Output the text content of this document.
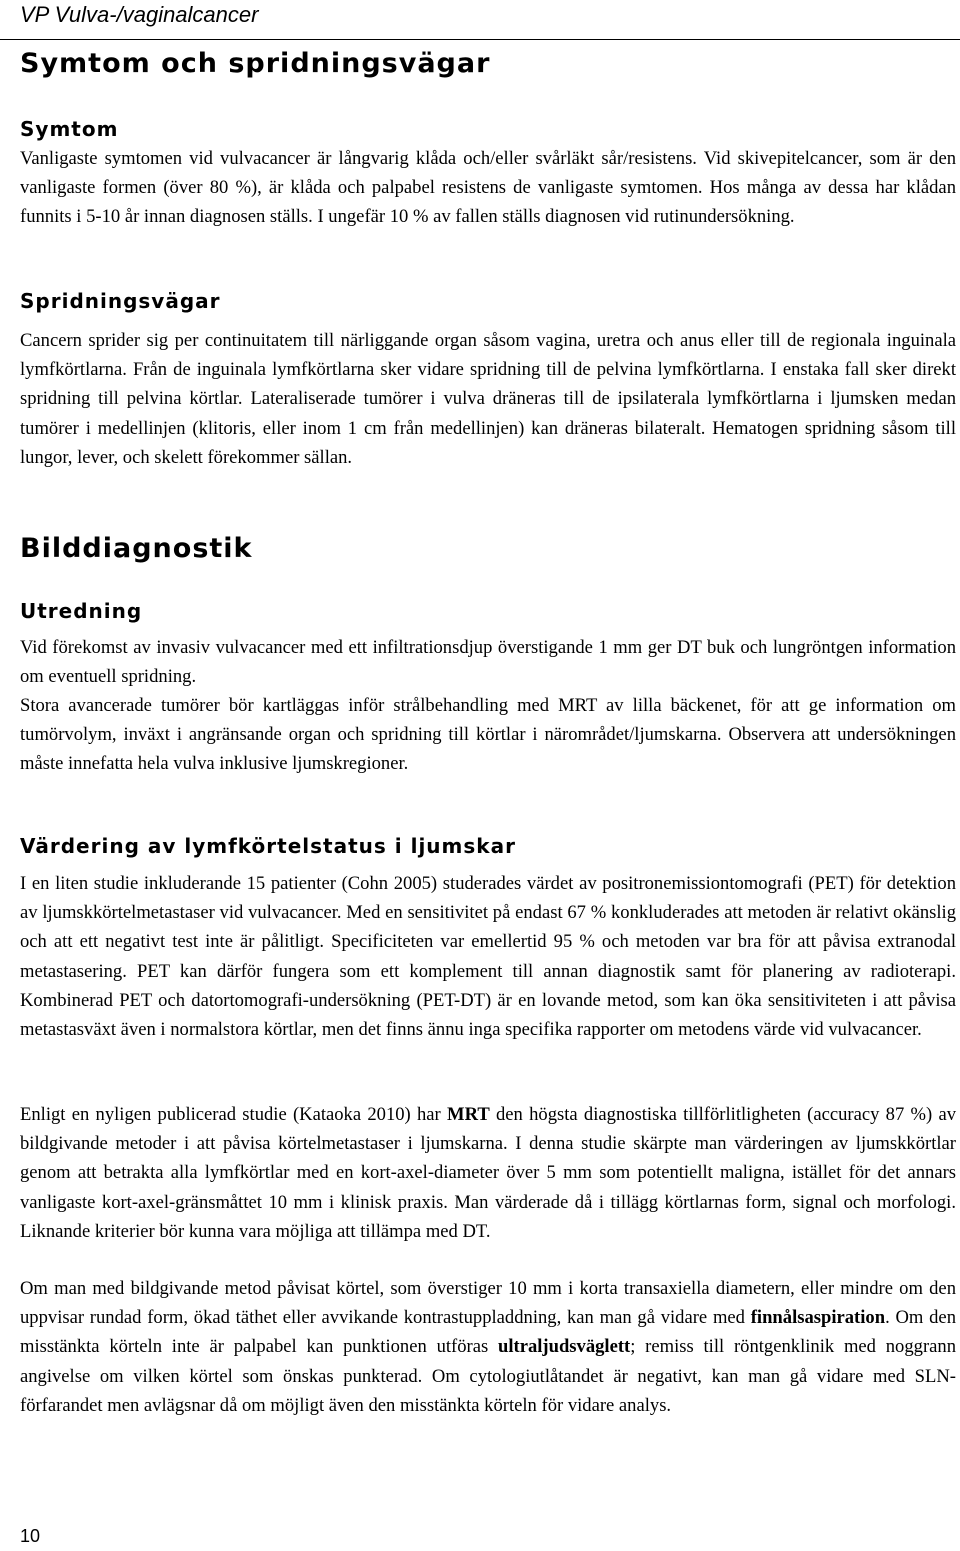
VP Vulva-/vaginalcancer
Symtom och spridningsvägar
Symtom

Vanligaste symtomen vid vulvacancer är långvarig klåda och/eller svårläkt sår/resistens. Vid skivepitelcancer, som är den vanligaste formen (över 80 %), är klåda och palpabel resistens de vanligaste symtomen. Hos många av dessa har klådan funnits i 5-10 år innan diagnosen ställs. I ungefär 10 % av fallen ställs diagnosen vid rutinundersökning.

Spridningsvägar

Cancern sprider sig per continuitatem till närliggande organ såsom vagina, uretra och anus eller till de regionala inguinala lymfkörtlarna. Från de inguinala lymfkörtlarna sker vidare spridning till de pelvina lymfkörtlarna. I enstaka fall sker direkt spridning till pelvina körtlar. Lateraliserade tumörer i vulva dräneras till de ipsilaterala lymfkörtlarna i ljumsken medan tumörer i medellinjen (klitoris, eller inom 1 cm från medellinjen) kan dräneras bilateralt. Hematogen spridning såsom till lungor, lever, och skelett förekommer sällan.

Bilddiagnostik
Utredning

Vid förekomst av invasiv vulvacancer med ett infiltrationsdjup överstigande 1 mm ger DT buk och lungröntgen information om eventuell spridning.

Stora avancerade tumörer bör kartläggas inför strålbehandling med MRT av lilla bäckenet, för att ge information om tumörvolym, inväxt i angränsande organ och spridning till körtlar i närområdet/ljumskarna. Observera att undersökningen måste innefatta hela vulva inklusive ljumskregioner.

Värdering av lymfkörtelstatus i ljumskar

I en liten studie inkluderande 15 patienter (Cohn 2005) studerades värdet av positronemissiontomografi (PET) för detektion av ljumskkörtelmetastaser vid vulvacancer. Med en sensitivitet på endast 67 % konkluderades att metoden är relativt okänslig och att ett negativt test inte är pålitligt. Specificiteten var emellertid 95 % och metoden var bra för att påvisa extranodal metastasering. PET kan därför fungera som ett komplement till annan diagnostik samt för planering av radioterapi. Kombinerad PET och datortomografi-undersökning (PET-DT) är en lovande metod, som kan öka sensitiviteten i att påvisa metastasväxt även i normalstora körtlar, men det finns ännu inga specifika rapporter om metodens värde vid vulvacancer.

Enligt en nyligen publicerad studie (Kataoka 2010) har MRT den högsta diagnostiska tillförlitligheten (accuracy 87 %) av bildgivande metoder i att påvisa körtelmetastaser i ljumskarna. I denna studie skärpte man värderingen av ljumskkörtlar genom att betrakta alla lymfkörtlar med en kort-axel-diameter över 5 mm som potentiellt maligna, istället för det annars vanligaste kort-axel-gränsmåttet 10 mm i klinisk praxis. Man värderade då i tillägg körtlarnas form, signal och morfologi. Liknande kriterier bör kunna vara möjliga att tillämpa med DT.

Om man med bildgivande metod påvisat körtel, som överstiger 10 mm i korta transaxiella diametern, eller mindre om den uppvisar rundad form, ökad täthet eller avvikande kontrastuppladdning, kan man gå vidare med finnålsaspiration. Om den misstänkta körteln inte är palpabel kan punktionen utföras ultraljudsväglett; remiss till röntgenklinik med noggrann angivelse om vilken körtel som önskas punkterad. Om cytologiutlåtandet är negativt, kan man gå vidare med SLN-förfarandet men avlägsnar då om möjligt även den misstänkta körteln för vidare analys.

10
